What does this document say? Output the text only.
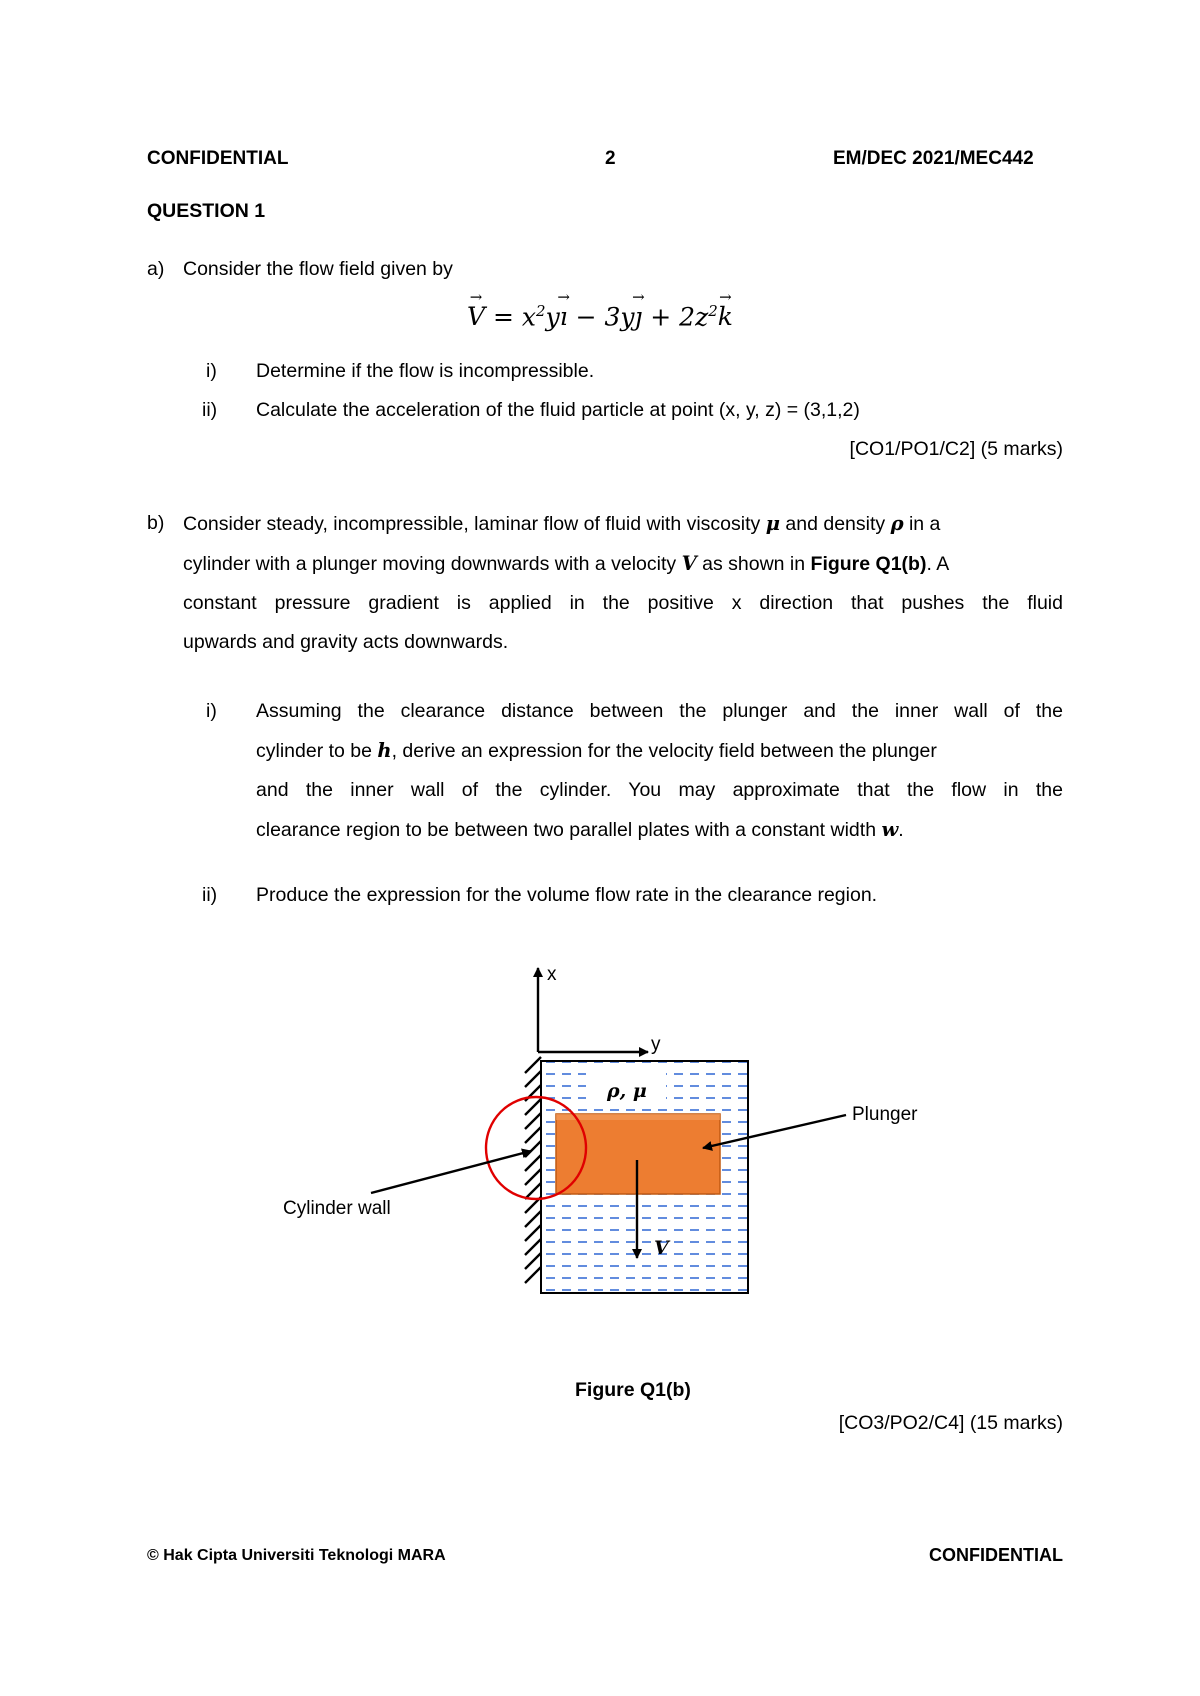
CONFIDENTIAL	2	EM/DEC 2021/MEC442
QUESTION 1
a) Consider the flow field given by
→ $V = x^2y\to$ ı − 3y→ ȷ + $2z^2\to k$
i) Determine if the flow is incompressible.
ii) Calculate the acceleration of the fluid particle at point (x, y, z) = (3,1,2)
[CO1/PO1/C2] (5 marks)
b) Consider steady, incompressible, laminar flow of fluid with viscosity μ and density ρ in a
cylinder with a plunger moving downwards with a velocity V as shown in Figure Q1(b). A
constant pressure gradient is applied in the positive x direction that pushes the fluid
upwards and gravity acts downwards.
i) Assuming the clearance distance between the plunger and the inner wall of the
cylinder to be h, derive an expression for the velocity field between the plunger
and the inner wall of the cylinder. You may approximate that the flow in the
clearance region to be between two parallel plates with a constant width w.
ii) Produce the expression for the volume flow rate in the clearance region.
x
y
ρ, μ
Plunger
Cylinder wall
V
Figure Q1(b)
[CO3/PO2/C4] (15 marks)
© Hak Cipta Universiti Teknologi MARA	CONFIDENTIAL
